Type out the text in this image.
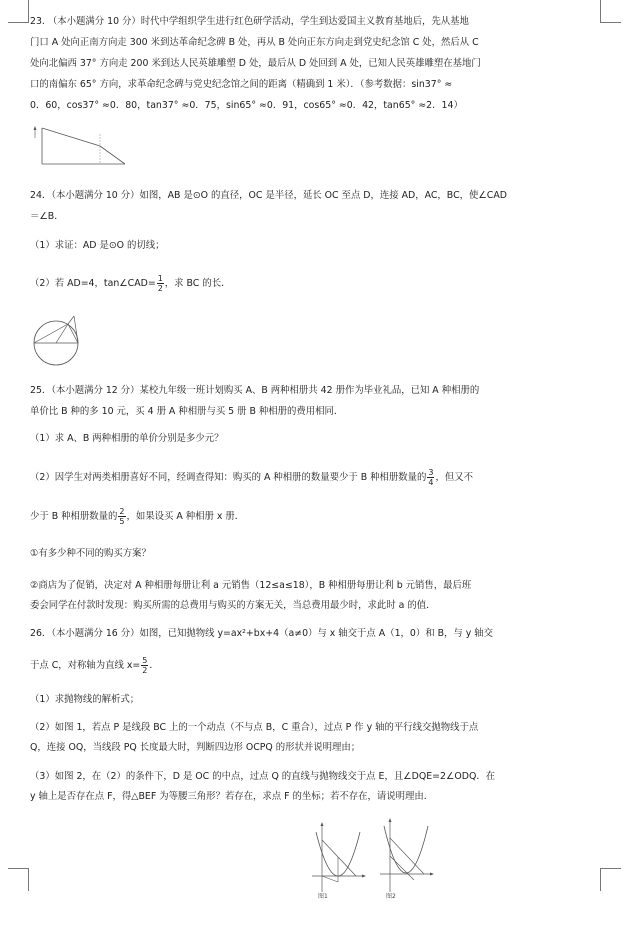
23. （本小题满分 10 分）时代中学组织学生进行红色研学活动，学生到达爱国主义教育基地后，先从基地

门口 A 处向正南方向走 300 米到达革命纪念碑 B 处，再从 B 处向正东方向走到党史纪念馆 C 处，然后从 C

处向北偏西 37° 方向走 200 米到达人民英雄雕塑 D 处，最后从 D 处回到 A 处，已知人民英雄雕塑在基地门

口的南偏东 65° 方向，求革命纪念碑与党史纪念馆之间的距离（精确到 1 米）．（参考数据：sin37° ≈

0．60，cos37° ≈0．80，tan37° ≈0．75，sin65° ≈0．91，cos65° ≈0．42，tan65° ≈2．14）

24．（本小题满分 10 分）如图，AB 是⊙O 的直径，OC 是半径，延长 OC 至点 D，连接 AD，AC，BC，使∠CAD

＝∠B．

（1）求证：AD 是⊙O 的切线；

（2）若 AD=4，tan∠CAD= $\frac{1}{2}$ ，求 BC 的长．

25．（本小题满分 12 分）某校九年级一班计划购买 A、B 两种相册共 42 册作为毕业礼品，已知 A 种相册的

单价比 B 种的多 10 元，买 4 册 A 种相册与买 5 册 B 种相册的费用相同．

（1）求 A、B 两种相册的单价分别是多少元？

（2）因学生对两类相册喜好不同，经调查得知：购买的 A 种相册的数量要少于 B 种相册数量的 $\frac{3}{4}$ ，但又不

少于 B 种相册数量的 $\frac{2}{5}$ ，如果设买 A 种相册 x 册．

①有多少种不同的购买方案？

②商店为了促销，决定对 A 种相册每册让利 a 元销售（12≤a≤18），B 种相册每册让利 b 元销售，最后班

委会同学在付款时发现：购买所需的总费用与购买的方案无关，当总费用最少时，求此时 a 的值．

26．（本小题满分 16 分）如图，已知抛物线 y=ax²+bx+4（a≠0）与 x 轴交于点 A（1，0）和 B，与 y 轴交

于点 C，对称轴为直线 $x= \frac{5}{2}$ ．

（1）求抛物线的解析式；

（2）如图 1，若点 P 是线段 BC 上的一个动点（不与点 B，C 重合），过点 P 作 y 轴的平行线交抛物线于点

Q，连接 OQ，当线段 PQ 长度最大时，判断四边形 OCPQ 的形状并说明理由；

（3）如图 2，在（2）的条件下，D 是 OC 的中点，过点 Q 的直线与抛物线交于点 E，且∠DQE=2∠ODQ．在

y 轴上是否存在点 F，得△BEF 为等腰三角形？若存在，求点 F 的坐标；若不存在，请说明理由．

图1	图2
